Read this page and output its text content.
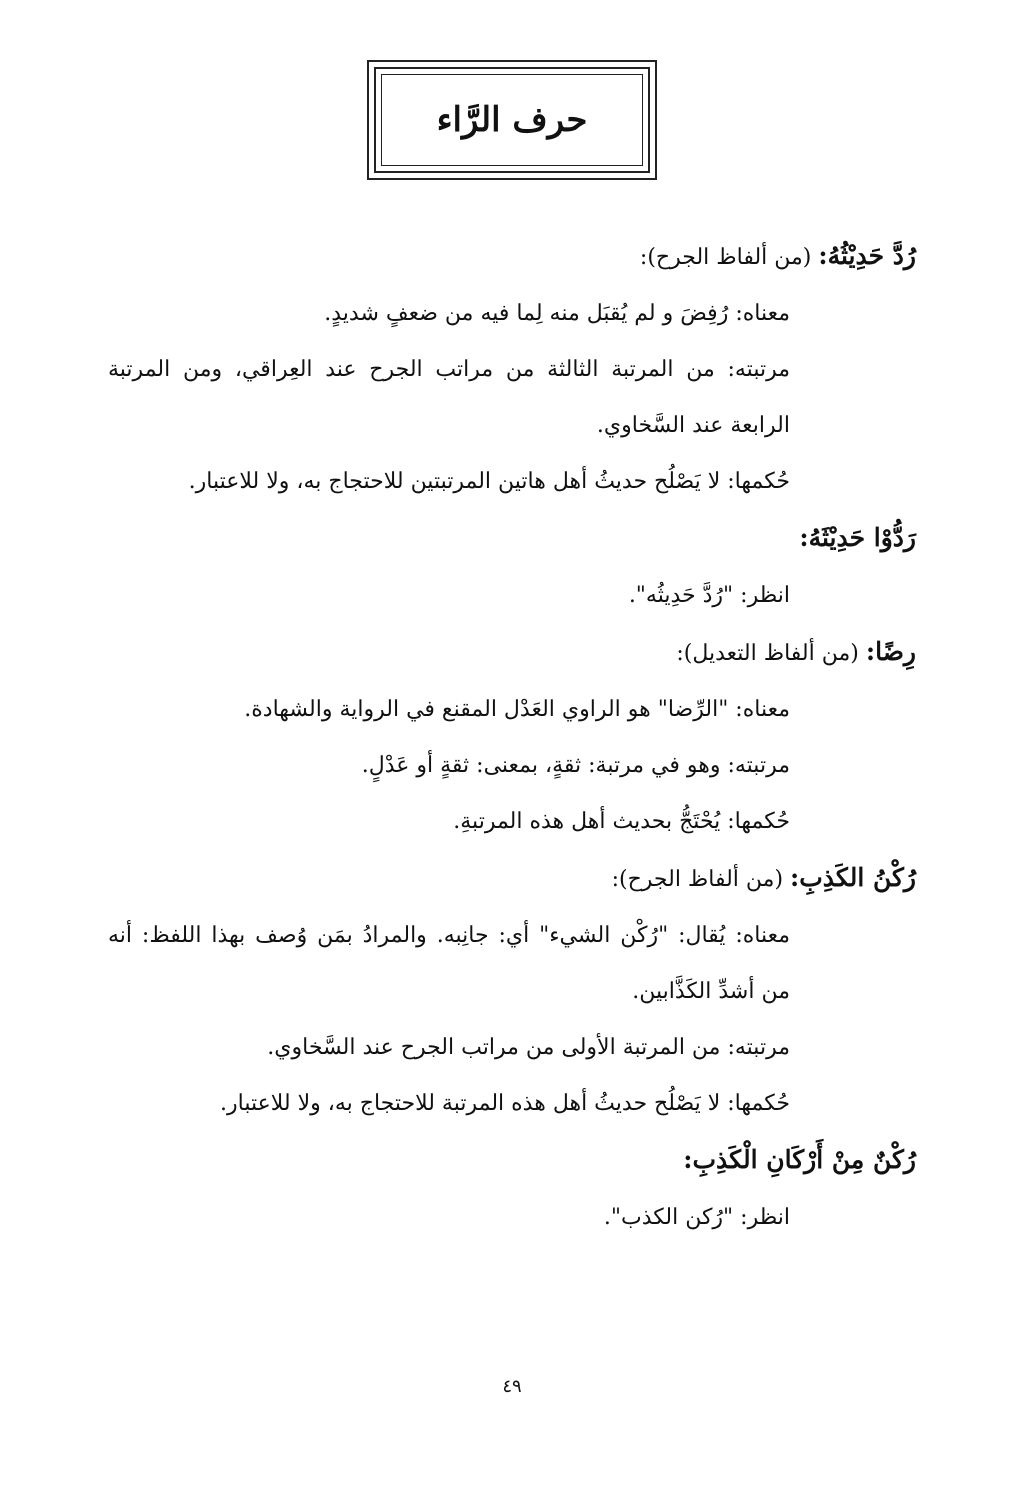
حرف الرَّاء

رُدَّ حَدِيْثُهُ: (من ألفاظ الجرح):

معناه: رُفِضَ و لم يُقبَل منه لِما فيه من ضعفٍ شديدٍ.

مرتبته: من المرتبة الثالثة من مراتب الجرح عند العِراقي، ومن المرتبة الرابعة عند السَّخاوي.

حُكمها: لا يَصْلُح حديثُ أهل هاتين المرتبتين للاحتجاج به، ولا للاعتبار.

رَدُّوْا حَدِيْثَهُ:

انظر: "رُدَّ حَدِيثُه".

رِضًا: (من ألفاظ التعديل):

معناه: "الرِّضا" هو الراوي العَدْل المقنع في الرواية والشهادة.

مرتبته: وهو في مرتبة: ثقةٍ، بمعنى: ثقةٍ أو عَدْلٍ.

حُكمها: يُحْتَجُّ بحديث أهل هذه المرتبةِ.

رُكْنُ الكَذِبِ: (من ألفاظ الجرح):

معناه: يُقال: "رُكْن الشيء" أي: جانِبه. والمرادُ بمَن وُصف بهذا اللفظ: أنه من أشدِّ الكَذَّابين.

مرتبته: من المرتبة الأولى من مراتب الجرح عند السَّخاوي.

حُكمها: لا يَصْلُح حديثُ أهل هذه المرتبة للاحتجاج به، ولا للاعتبار.

رُكْنٌ مِنْ أَرْكَانِ الْكَذِبِ:

انظر: "رُكن الكذب".

٤٩
